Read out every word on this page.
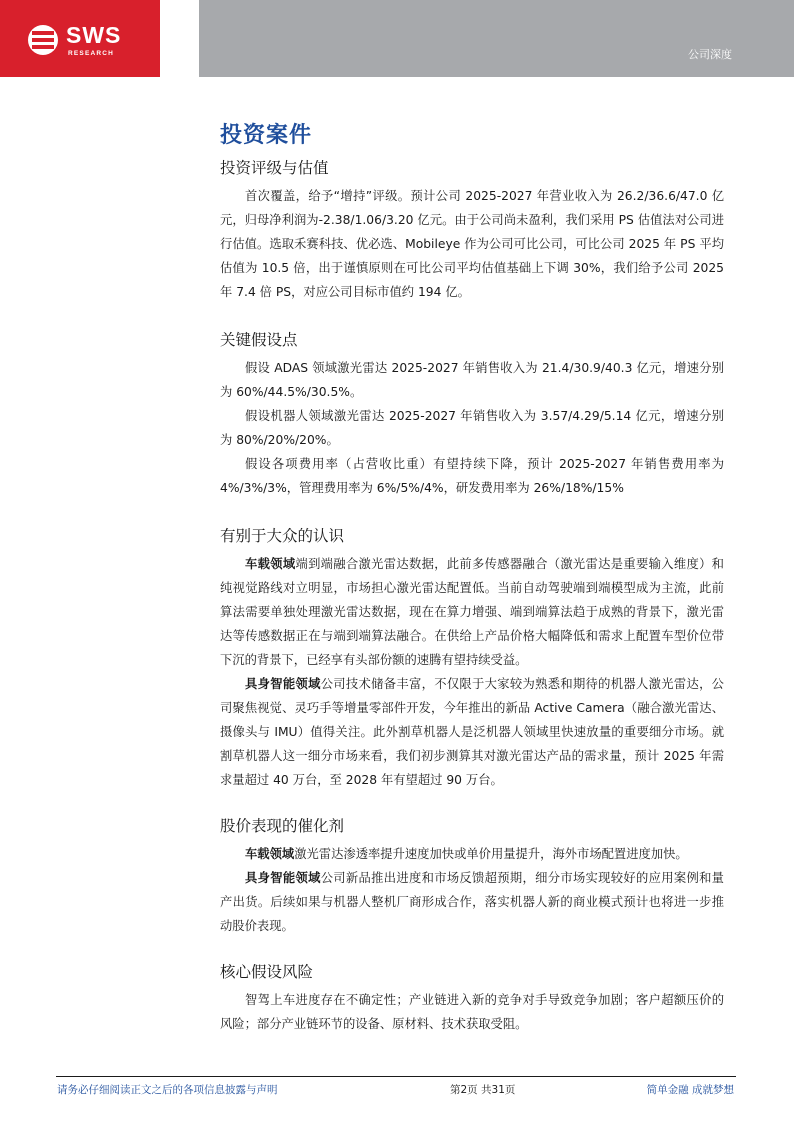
SWS
RESEARCH	公司深度
投资案件
投资评级与估值

首次覆盖，给予“增持”评级。预计公司 2025-2027 年营业收入为 26.2/36.6/47.0 亿元，归母净利润为-2.38/1.06/3.20 亿元。由于公司尚未盈利，我们采用 PS 估值法对公司进行估值。选取禾赛科技、优必选、Mobileye 作为公司可比公司，可比公司 2025 年 PS 平均估值为 10.5 倍，出于谨慎原则在可比公司平均估值基础上下调 30%，我们给予公司 2025 年 7.4 倍 PS，对应公司目标市值约 194 亿。

关键假设点

假设 ADAS 领域激光雷达 2025-2027 年销售收入为 21.4/30.9/40.3 亿元，增速分别为 60%/44.5%/30.5%。

假设机器人领域激光雷达 2025-2027 年销售收入为 3.57/4.29/5.14 亿元，增速分别为 80%/20%/20%。

假设各项费用率（占营收比重）有望持续下降，预计 2025-2027 年销售费用率为 4%/3%/3%，管理费用率为 6%/5%/4%，研发费用率为 26%/18%/15%

有别于大众的认识

车载领域端到端融合激光雷达数据，此前多传感器融合（激光雷达是重要输入维度）和纯视觉路线对立明显，市场担心激光雷达配置低。当前自动驾驶端到端模型成为主流，此前算法需要单独处理激光雷达数据，现在在算力增强、端到端算法趋于成熟的背景下，激光雷达等传感数据正在与端到端算法融合。在供给上产品价格大幅降低和需求上配置车型价位带下沉的背景下，已经享有头部份额的速腾有望持续受益。

具身智能领域公司技术储备丰富，不仅限于大家较为熟悉和期待的机器人激光雷达，公司聚焦视觉、灵巧手等增量零部件开发，今年推出的新品 Active Camera（融合激光雷达、摄像头与 IMU）值得关注。此外割草机器人是泛机器人领域里快速放量的重要细分市场。就割草机器人这一细分市场来看，我们初步测算其对激光雷达产品的需求量，预计 2025 年需求量超过 40 万台，至 2028 年有望超过 90 万台。

股价表现的催化剂

车载领域激光雷达渗透率提升速度加快或单价用量提升，海外市场配置进度加快。

具身智能领域公司新品推出进度和市场反馈超预期，细分市场实现较好的应用案例和量产出货。后续如果与机器人整机厂商形成合作，落实机器人新的商业模式预计也将进一步推动股价表现。

核心假设风险

智驾上车进度存在不确定性；产业链进入新的竞争对手导致竞争加剧；客户超额压价的风险；部分产业链环节的设备、原材料、技术获取受阻。

请务必仔细阅读正文之后的各项信息披露与声明	第2页 共31页	简单金融 成就梦想
